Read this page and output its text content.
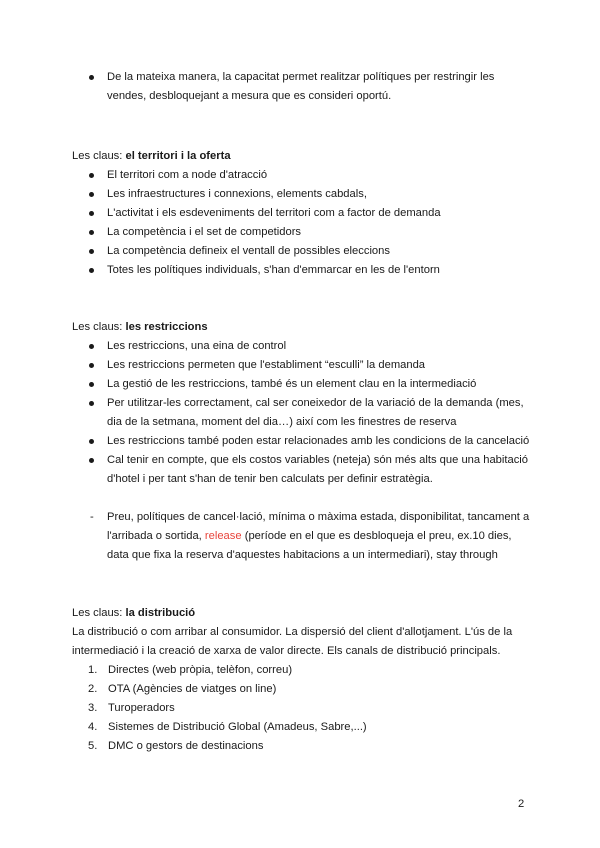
De la mateixa manera, la capacitat permet realitzar polítiques per restringir les vendes, desbloquejant a mesura que es consideri oportú.
Les claus: el territori i la oferta
El territori com a node d'atracció
Les infraestructures i connexions, elements cabdals,
L'activitat i els esdeveniments del territori com a factor de demanda
La competència i el set de competidors
La competència defineix el ventall de possibles eleccions
Totes les polítiques individuals, s'han d'emmarcar en les de l'entorn
Les claus: les restriccions
Les restriccions, una eina de control
Les restriccions permeten que l'establiment “esculli” la demanda
La gestió de les restriccions, també és un element clau en la intermediació
Per utilitzar-les correctament, cal ser coneixedor de la variació de la demanda (mes, dia de la setmana, moment del dia…) així com les finestres de reserva
Les restriccions també poden estar relacionades amb les condicions de la cancelació
Cal tenir en compte, que els costos variables (neteja) són més alts que una habitació d'hotel i per tant s'han de tenir ben calculats per definir estratègia.
- Preu, polítiques de cancel·lació, mínima o màxima estada, disponibilitat, tancament a l'arribada o sortida, release (període en el que es desbloqueja el preu, ex.10 dies, data que fixa la reserva d'aquestes habitacions a un intermediari), stay through
Les claus: la distribució
La distribució o com arribar al consumidor. La dispersió del client d'allotjament. L'ús de la intermediació i la creació de xarxa de valor directe. Els canals de distribució principals.
1. Directes (web pròpia, telèfon, correu)
2. OTA (Agències de viatges on line)
3. Turoperadors
4. Sistemes de Distribució Global (Amadeus, Sabre,...)
5. DMC o gestors de destinacions
2
